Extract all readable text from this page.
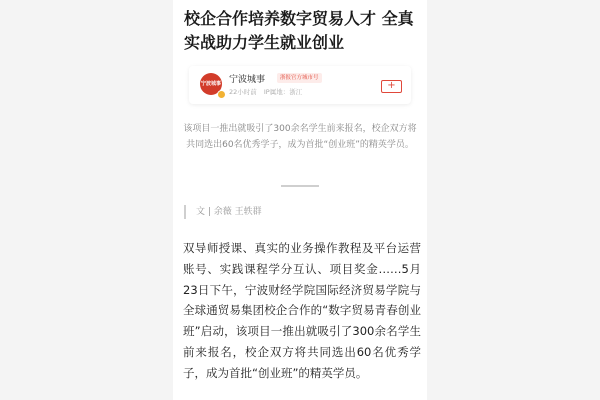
校企合作培养数字贸易人才 全真实战助力学生就业创业
宁波城事 宁波城事	浙报官方城市号
22小时前 IP属地：浙江
+

该项目一推出就吸引了300余名学生前来报名，校企双方将共同选出60名优秀学子，成为首批“创业班”的精英学员。

文 | 余薇 王轶群

双导师授课、真实的业务操作教程及平台运营账号、实践课程学分互认、项目奖金……5月23日下午，宁波财经学院国际经济贸易学院与全球通贸易集团校企合作的“数字贸易青春创业班”启动，该项目一推出就吸引了300余名学生前来报名，校企双方将共同选出60名优秀学子，成为首批“创业班”的精英学员。
